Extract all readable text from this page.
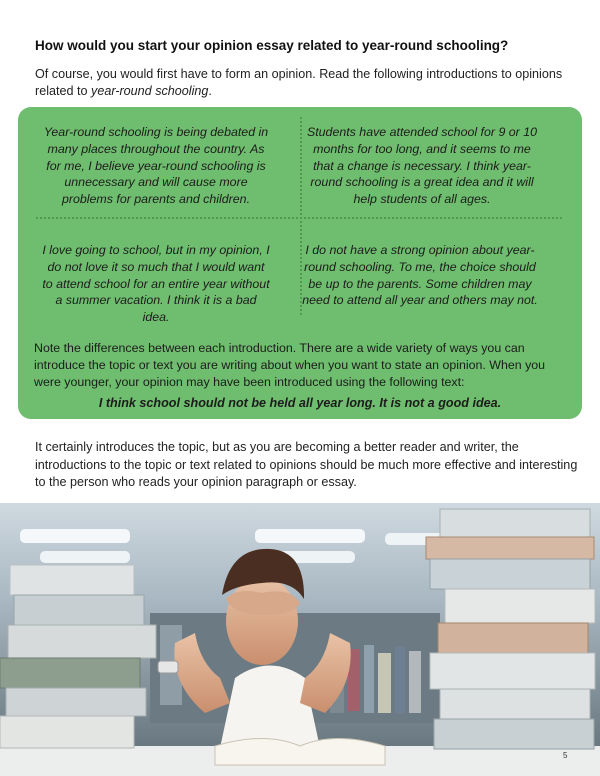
How would you start your opinion essay related to year-round schooling?
Of course, you would first have to form an opinion. Read the following introductions to opinions related to year-round schooling.
Year-round schooling is being debated in many places throughout the country. As for me, I believe year-round schooling is unnecessary and will cause more problems for parents and children.
Students have attended school for 9 or 10 months for too long, and it seems to me that a change is necessary. I think year-round schooling is a great idea and it will help students of all ages.
I love going to school, but in my opinion, I do not love it so much that I would want to attend school for an entire year without a summer vacation. I think it is a bad idea.
I do not have a strong opinion about year-round schooling. To me, the choice should be up to the parents. Some children may need to attend all year and others may not.
Note the differences between each introduction. There are a wide variety of ways you can introduce the topic or text you are writing about when you want to state an opinion. When you were younger, your opinion may have been introduced using the following text:
I think school should not be held all year long. It is not a good idea.
It certainly introduces the topic, but as you are becoming a better reader and writer, the introductions to the topic or text related to opinions should be much more effective and interesting to the person who reads your opinion paragraph or essay.
5
